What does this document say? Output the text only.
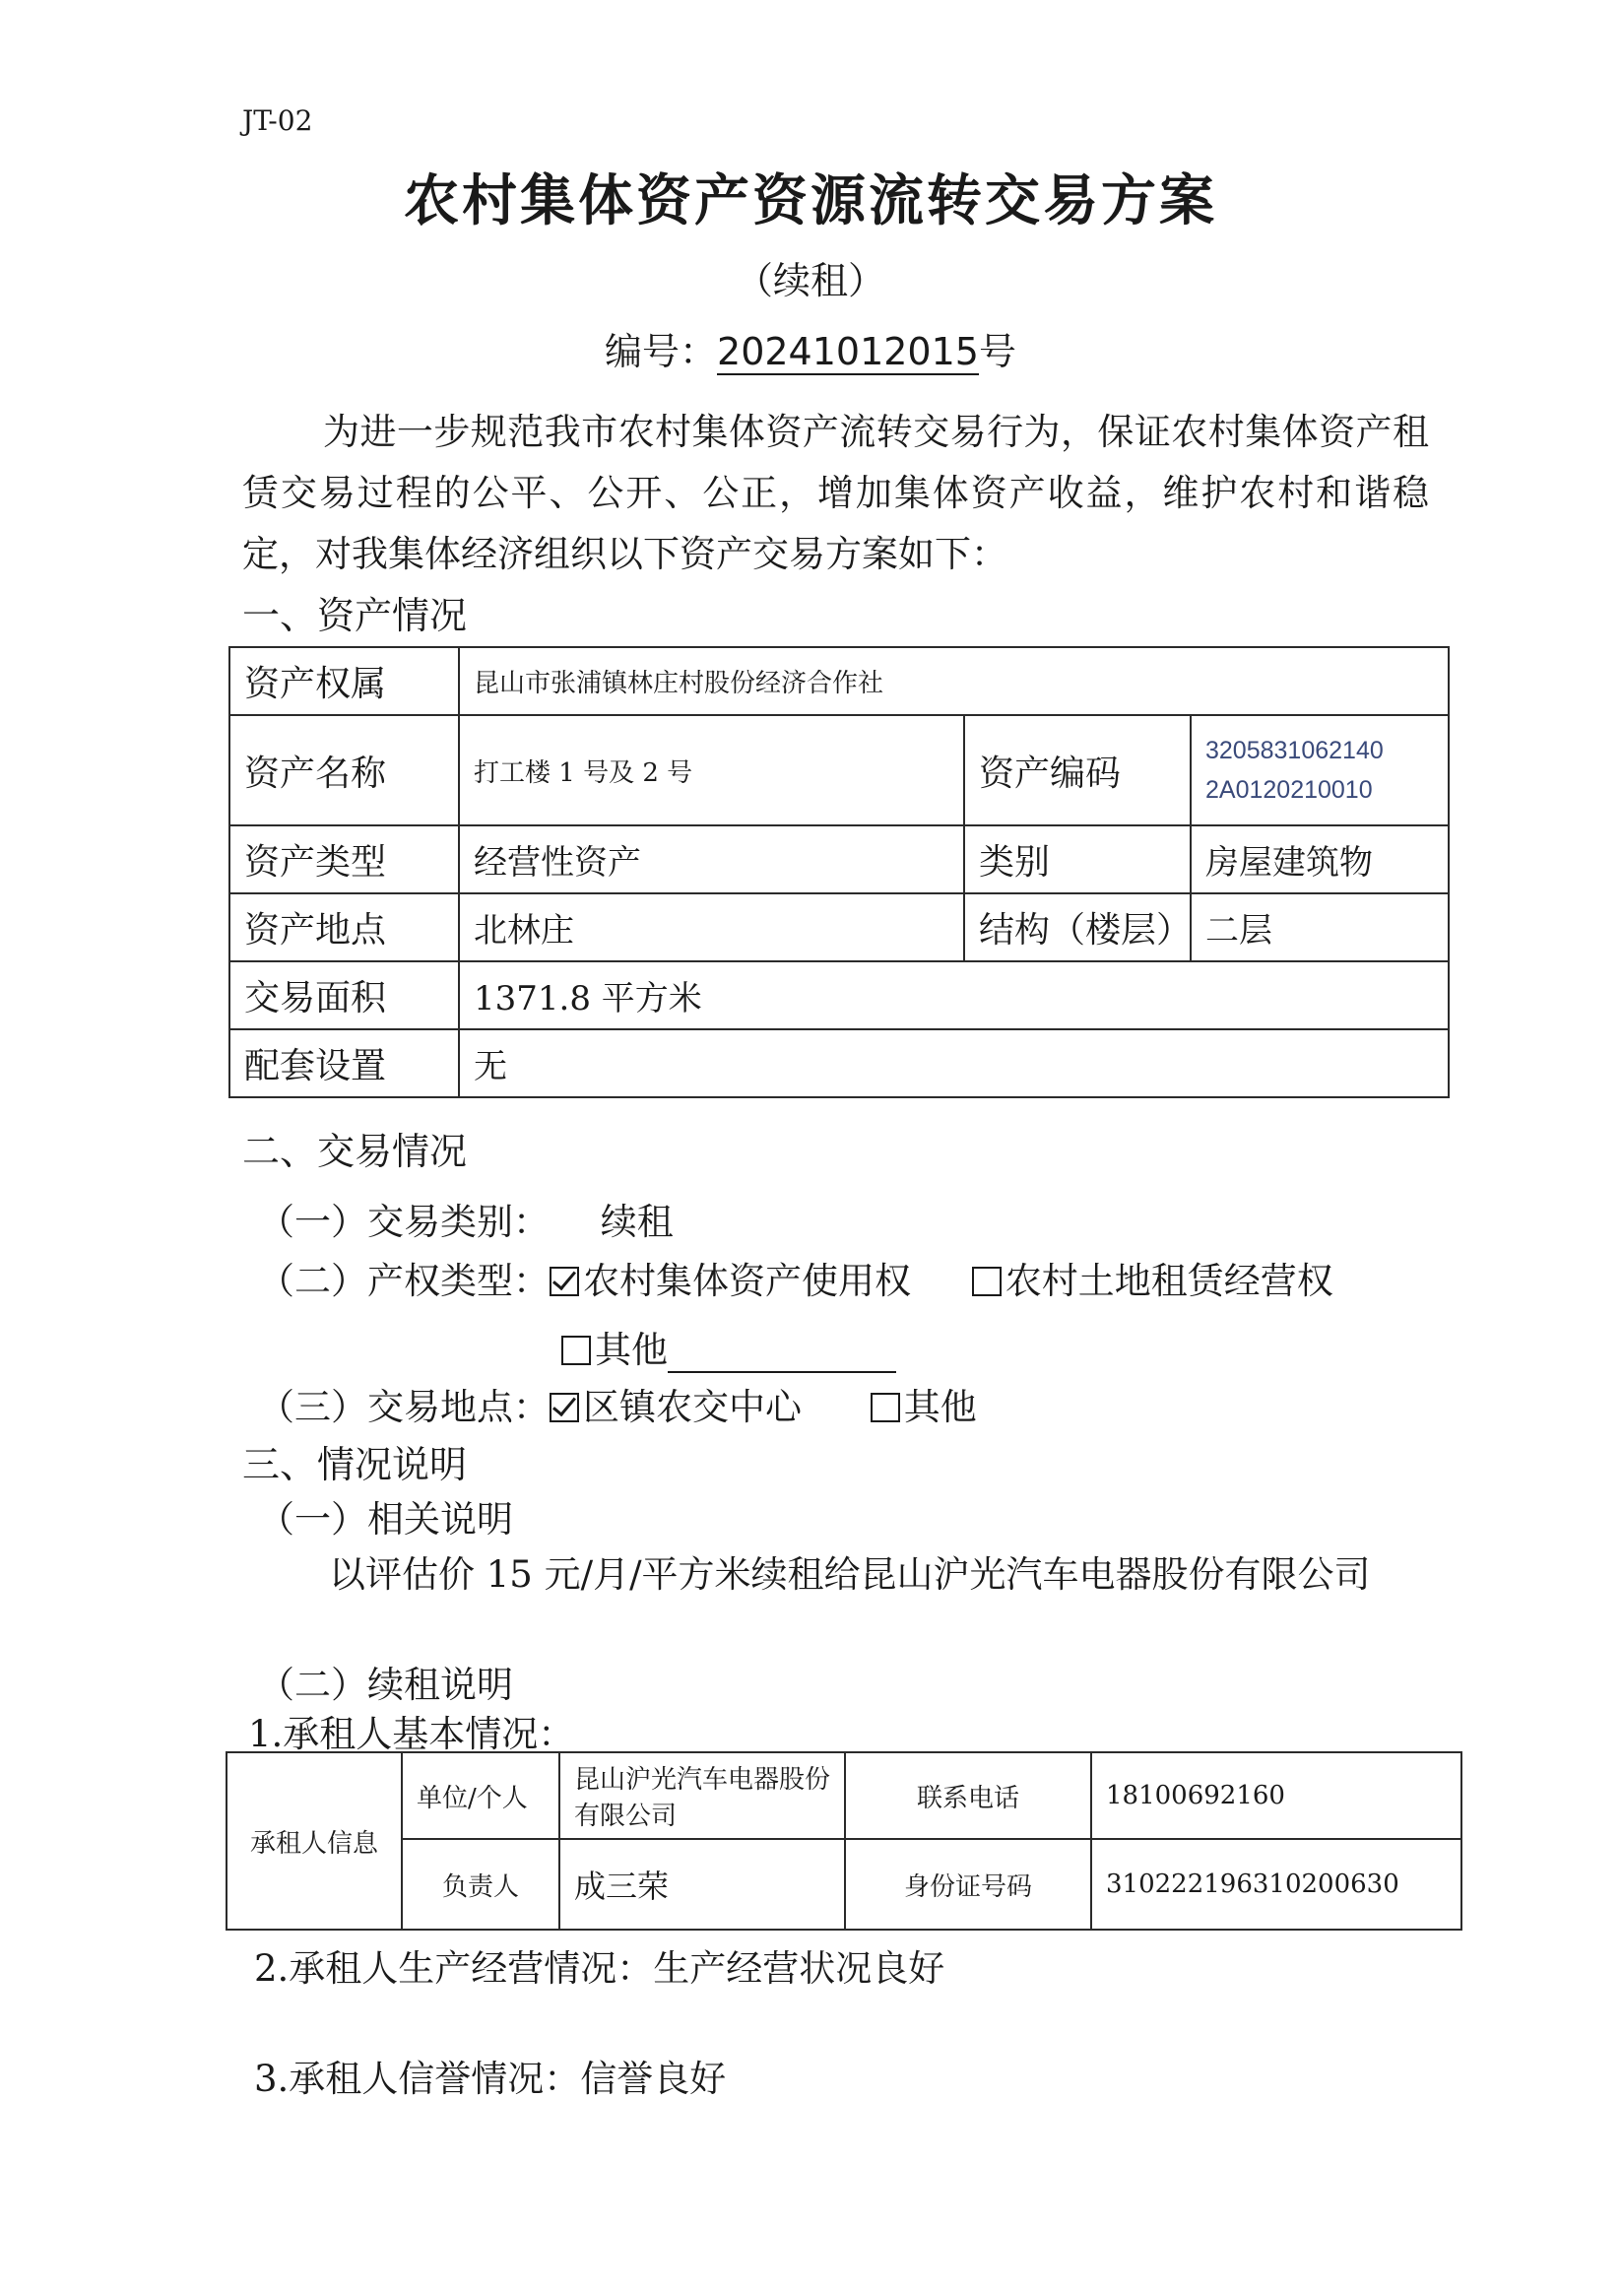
JT-02
农村集体资产资源流转交易方案
（续租）
编号：20241012015号
为进一步规范我市农村集体资产流转交易行为，保证农村集体资产租赁交易过程的公平、公开、公正，增加集体资产收益，维护农村和谐稳定，对我集体经济组织以下资产交易方案如下：
一、资产情况
资产权属	昆山市张浦镇林庄村股份经济合作社		
资产名称	打工楼 1 号及 2 号	资产编码	3205831062140
2A0120210010
资产类型	经营性资产	类别	房屋建筑物
资产地点	北林庄	结构（楼层）	二层
交易面积	1371.8 平方米		
配套设置	无		
二、交易情况
（一）交易类别： 续租
（二）产权类型： 农村集体资产使用权	农村土地租赁经营权
其他
（三）交易地点： 区镇农交中心	其他
三、情况说明
（一）相关说明
以评估价 15 元/月/平方米续租给昆山沪光汽车电器股份有限公司
（二）续租说明
1.承租人基本情况：
承租人信息	单位/个人	昆山沪光汽车电器股份有限公司	联系电话	18100692160
	负责人	成三荣	身份证号码	310222196310200630
2.承租人生产经营情况：生产经营状况良好
3.承租人信誉情况：信誉良好
